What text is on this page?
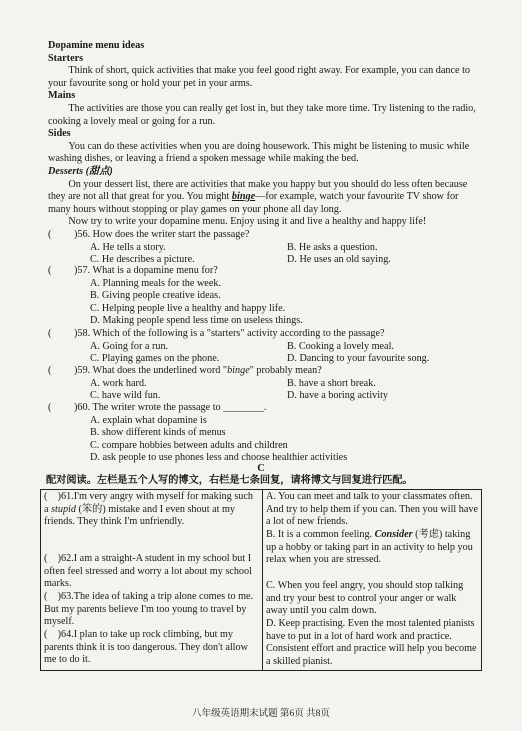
Dopamine menu ideas
Starters

Think of short, quick activities that make you feel good right away. For example, you can dance to your favourite song or hold your pet in your arms.

Mains

The activities are those you can really get lost in, but they take more time. Try listening to the radio, cooking a lovely meal or going for a run.

Sides

You can do these activities when you are doing housework. This might be listening to music while washing dishes, or leaving a friend a spoken message while making the bed.

Desserts (甜点)

On your dessert list, there are activities that make you happy but you should do less often because they are not all that great for you. You might binge—for example, watch your favourite TV show for many hours without stopping or play games on your phone all day long.

Now try to write your dopamine menu. Enjoy using it and live a healthy and happy life!

( )56. How does the writer start the passage?
A. He tells a story.	B. He asks a question.
C. He describes a picture.	D. He uses an old saying.
( )57. What is a dopamine menu for?
A. Planning meals for the week.
B. Giving people creative ideas.
C. Helping people live a healthy and happy life.
D. Making people spend less time on useless things.
( )58. Which of the following is a "starters" activity according to the passage?
A. Going for a run.	B. Cooking a lovely meal.
C. Playing games on the phone.	D. Dancing to your favourite song.
( )59. What does the underlined word "binge" probably mean?
A. work hard.	B. have a short break.
C. have wild fun.	D. have a boring activity
( )60. The writer wrote the passage to ________.
A. explain what dopamine is
B. show different kinds of menus
C. compare hobbies between adults and children
D. ask people to use phones less and choose healthier activities
C
配对阅读。左栏是五个人写的博文，右栏是七条回复，请将博文与回复进行匹配。
( )61.I'm very angry with myself for making such a stupid (笨的) mistake and I even shout at my friends. They think I'm unfriendly.
( )62.I am a straight-A student in my school but I often feel stressed and worry a lot about my school marks.
( )63.The idea of taking a trip alone comes to me. But my parents believe I'm too young to travel by myself.
( )64.I plan to take up rock climbing, but my parents think it is too dangerous. They don't allow me to do it.

A. You can meet and talk to your classmates often. And try to help them if you can. Then you will have a lot of new friends.
B. It is a common feeling. Consider (考虑) taking up a hobby or taking part in an activity to help you relax when you are stressed.
C. When you feel angry, you should stop talking and try your best to control your anger or walk away until you calm down.
D. Keep practising. Even the most talented pianists have to put in a lot of hard work and practice. Consistent effort and practice will help you become a skilled pianist.
八年级英语期末试题 第6页 共8页
